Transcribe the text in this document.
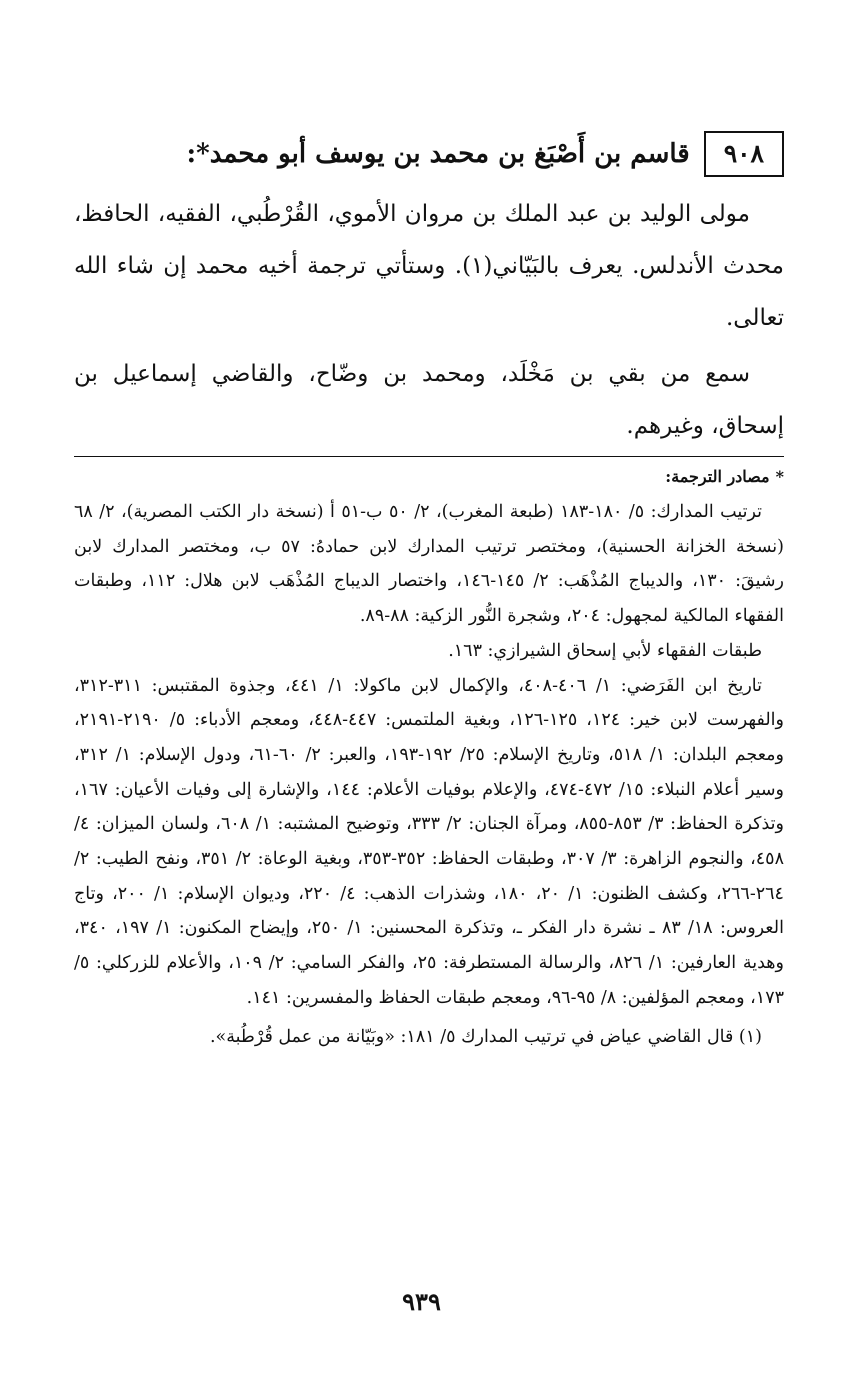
٩٠٨
قاسم بن أَصْبَغ بن محمد بن يوسف أبو محمد*:

مولى الوليد بن عبد الملك بن مروان الأموي، القُرْطُبي، الفقيه، الحافظ، محدث الأندلس. يعرف بالبَيّاني(١). وستأتي ترجمة أخيه محمد إن شاء الله تعالى.

سمع من بقي بن مَخْلَد، ومحمد بن وضّاح، والقاضي إسماعيل بن إسحاق، وغيرهم.

*مصادر الترجمة:

ترتيب المدارك: ٥/ ١٨٠-١٨٣ (طبعة المغرب)، ٢/ ٥٠ ب-٥١ أ (نسخة دار الكتب المصرية)، ٢/ ٦٨ (نسخة الخزانة الحسنية)، ومختصر ترتيب المدارك لابن حمادهُ: ٥٧ ب، ومختصر المدارك لابن رشيقَ: ١٣٠، والديباج المُذْهَب: ٢/ ١٤٥-١٤٦، واختصار الديباج المُذْهَب لابن هلال: ١١٢، وطبقات الفقهاء المالكية لمجهول: ٢٠٤، وشجرة النُّور الزكية: ٨٨-٨٩.

طبقات الفقهاء لأبي إسحاق الشيرازي: ١٦٣.

تاريخ ابن الفَرَضي: ١/ ٤٠٦-٤٠٨، والإكمال لابن ماكولا: ١/ ٤٤١، وجذوة المقتبس: ٣١١-٣١٢، والفهرست لابن خير: ١٢٤، ١٢٥-١٢٦، وبغية الملتمس: ٤٤٧-٤٤٨، ومعجم الأدباء: ٥/ ٢١٩٠-٢١٩١، ومعجم البلدان: ١/ ٥١٨، وتاريخ الإسلام: ٢٥/ ١٩٢-١٩٣، والعبر: ٢/ ٦٠-٦١، ودول الإسلام: ١/ ٣١٢، وسير أعلام النبلاء: ١٥/ ٤٧٢-٤٧٤، والإعلام بوفيات الأعلام: ١٤٤، والإشارة إلى وفيات الأعيان: ١٦٧، وتذكرة الحفاظ: ٣/ ٨٥٣-٨٥٥، ومرآة الجنان: ٢/ ٣٣٣، وتوضيح المشتبه: ١/ ٦٠٨، ولسان الميزان: ٤/ ٤٥٨، والنجوم الزاهرة: ٣/ ٣٠٧، وطبقات الحفاظ: ٣٥٢-٣٥٣، وبغية الوعاة: ٢/ ٣٥١، ونفح الطيب: ٢/ ٢٦٤-٢٦٦، وكشف الظنون: ١/ ٢٠، ١٨٠، وشذرات الذهب: ٤/ ٢٢٠، وديوان الإسلام: ١/ ٢٠٠، وتاج العروس: ١٨/ ٨٣ ـ نشرة دار الفكر ـ، وتذكرة المحسنين: ١/ ٢٥٠، وإيضاح المكنون: ١/ ١٩٧، ٣٤٠، وهدية العارفين: ١/ ٨٢٦، والرسالة المستطرفة: ٢٥، والفكر السامي: ٢/ ١٠٩، والأعلام للزركلي: ٥/ ١٧٣، ومعجم المؤلفين: ٨/ ٩٥-٩٦، ومعجم طبقات الحفاظ والمفسرين: ١٤١.

(١) قال القاضي عياض في ترتيب المدارك ٥/ ١٨١: «وبَيّانة من عمل قُرْطُبة».

٩٣٩
